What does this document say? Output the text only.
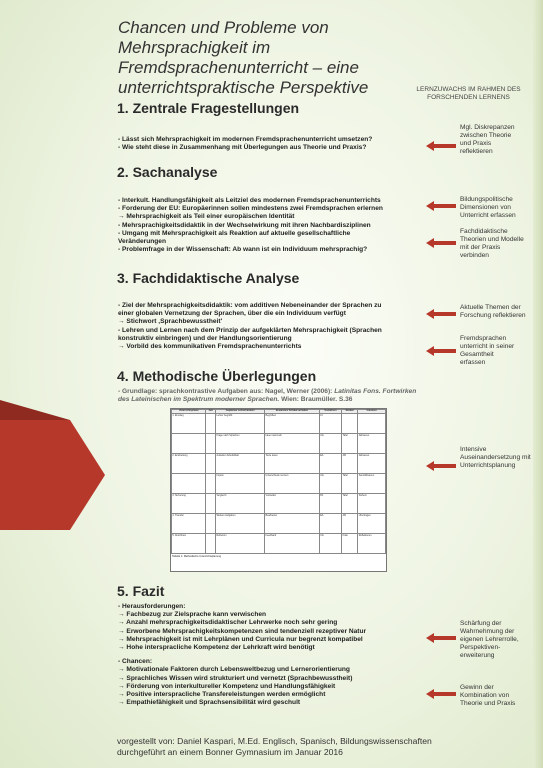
Chancen und Probleme von Mehrsprachigkeit im Fremdsprachenunterricht – eine unterrichtspraktische Perspektive	LERNZUWACHS IM RAHMEN DES FORSCHENDEN LERNENS
1. Zentrale Fragestellungen
- Lässt sich Mehrsprachigkeit im modernen Fremdsprachenunterricht umsetzen?
- Wie steht diese in Zusammenhang mit Überlegungen aus Theorie und Praxis?
2. Sachanalyse
- Interkult. Handlungsfähigkeit als Leitziel des modernen Fremdsprachenunterrichts
- Forderung der EU: Europäerinnen sollen mindestens zwei Fremdsprachen erlernen
→ Mehrsprachigkeit als Teil einer europäischen Identität
- Mehrsprachigkeitsdidaktik in der Wechselwirkung mit ihren Nachbardisziplinen
- Umgang mit Mehrsprachigkeit als Reaktion auf aktuelle gesellschaftliche
Veränderungen
- Problemfrage in der Wissenschaft: Ab wann ist ein Individuum mehrsprachig?
3. Fachdidaktische Analyse
- Ziel der Mehrsprachigkeitsdidaktik: vom additiven Nebeneinander der Sprachen zu
einer globalen Vernetzung der Sprachen, über die ein Individuum verfügt
→ Stichwort ‚Sprachbewusstheit'
- Lehren und Lernen nach dem Prinzip der aufgeklärten Mehrsprachigkeit (Sprachen
konstruktiv einbringen) und der Handlungsorientierung
→ Vorbild des kommunikativen Fremdsprachenunterrichts
4. Methodische Überlegungen
- Grundlage: sprachkontrastive Aufgaben aus: Nagel, Werner (2006): Latinitas Fons. Fortwirken des Lateinischen im Spektrum moderner Sprachen. Wien: Braumüller. S.36
Unterrichtsphase	Zeit	Geplantes Lehrerhandeln	Erwartetes Schülerverhalten	Sozialform	Medien	Intention
1. Einstieg		Lehrer begrüßt	Begrüßen	LV		
		Frage nach Sprachen	Ideen sammeln	UG	Tafel	Aktivieren
2. Erarbeitung		Austeilen Arbeitsblatt	Texte lesen	EA	AB	Aktivieren
		Impuls	Unterschiede nennen	UG	Tafel	Sensibilisieren
3. Sicherung		Vergleich	Vorstellen	PA	Tafel	Sichern
4. Transfer		Weitere Aufgaben	Bearbeiten	EA	AB	Übertragen
5. Abschluss		Reflexion	Feedback	UG	Folie	Reflektieren
Tabelle 1: Methodische Unterrichtsplanung
5. Fazit
- Herausforderungen:
→ Fachbezug zur Zielsprache kann verwischen
→ Anzahl mehrsprachigkeitsdidaktischer Lehrwerke noch sehr gering
→ Erworbene Mehrsprachigkeitskompetenzen sind tendenziell rezeptiver Natur
→ Mehrsprachigkeit ist mit Lehrplänen und Curricula nur begrenzt kompatibel
→ Hohe interspracliche Kompetenz der Lehrkraft wird benötigt
- Chancen:
→ Motivationale Faktoren durch Lebensweltbezug und Lernerorientierung
→ Sprachliches Wissen wird strukturiert und vernetzt (Sprachbewusstheit)
→ Förderung von interkultureller Kompetenz und Handlungsfähigkeit
→ Positive interspracliche Transfereleistungen werden ermöglicht
→ Empathiefähigkeit und Sprachsensibilität wird geschult
Mgl. Diskrepanzen zwischen Theorie und Praxis reflektieren
Bildungspolitische Dimensionen von Unterricht erfassen
Fachdidaktische Theorien und Modelle mit der Praxis verbinden
Aktuelle Themen der Forschung reflektieren
Fremdsprachen unterricht in seiner Gesamtheit erfassen
Intensive Auseinandersetzung mit Unterrichtsplanung
Schärfung der Wahrnehmung der eigenen Lehrerrolle, Perspektiven-erweiterung
Gewinn der Kombination von Theorie und Praxis
vorgestellt von: Daniel Kaspari, M.Ed. Englisch, Spanisch, Bildungswissenschaften
durchgeführt an einem Bonner Gymnasium im Januar 2016
